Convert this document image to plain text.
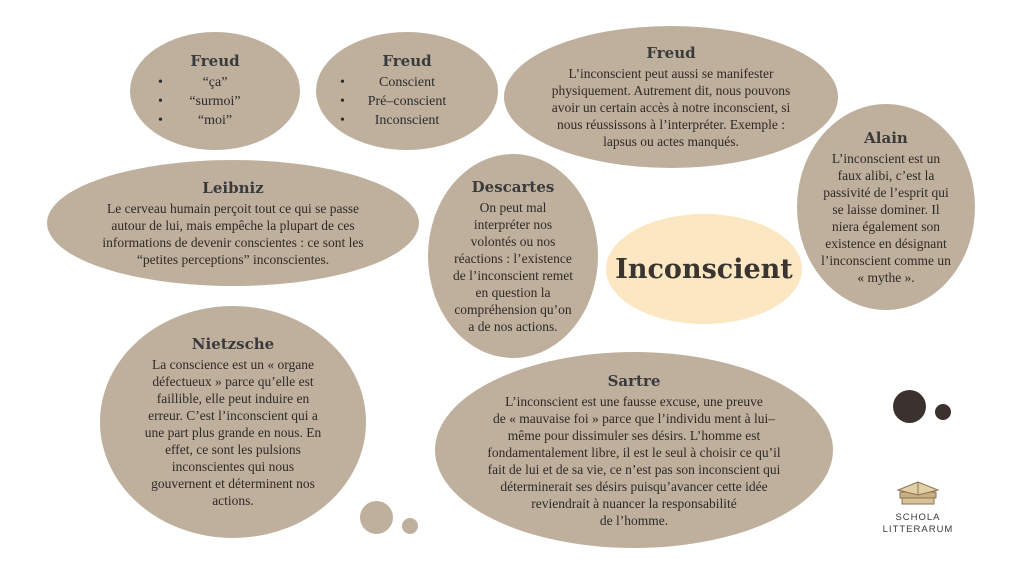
Freud
•	“ça”
•	“surmoi”
•	“moi”
Freud
•	Conscient
•	Pré–conscient
•	Inconscient
Freud
L’inconscient peut aussi se manifester
physiquement. Autrement dit, nous pouvons
avoir un certain accès à notre inconscient, si
nous réussissons à l’interpréter. Exemple :
lapsus ou actes manqués.	Alain
L’inconscient est un
faux alibi, c’est la
passivité de l’esprit qui
se laisse dominer. Il
niera également son
existence en désignant
l’inconscient comme un
« mythe ».
Leibniz
Le cerveau humain perçoit tout ce qui se passe
autour de lui, mais empêche la plupart de ces
informations de devenir conscientes : ce sont les
“petites perceptions” inconscientes.
Descartes
On peut mal
interpréter nos
volontés ou nos
réactions : l’existence
de l’inconscient remet
en question la
compréhension qu’on
a de nos actions.
Inconscient
Nietzsche
La conscience est un « organe
défectueux » parce qu’elle est
faillible, elle peut induire en
erreur. C’est l’inconscient qui a
une part plus grande en nous. En
effet, ce sont les pulsions
inconscientes qui nous
gouvernent et déterminent nos
actions.
Sartre
L’inconscient est une fausse excuse, une preuve
de « mauvaise foi » parce que l’individu ment à lui–
même pour dissimuler ses désirs. L’homme est
fondamentalement libre, il est le seul à choisir ce qu’il
fait de lui et de sa vie, ce n’est pas son inconscient qui
déterminerait ses désirs puisqu’avancer cette idée
reviendrait à nuancer la responsabilité
de l’homme.	SCHOLA
LITTERARUM
